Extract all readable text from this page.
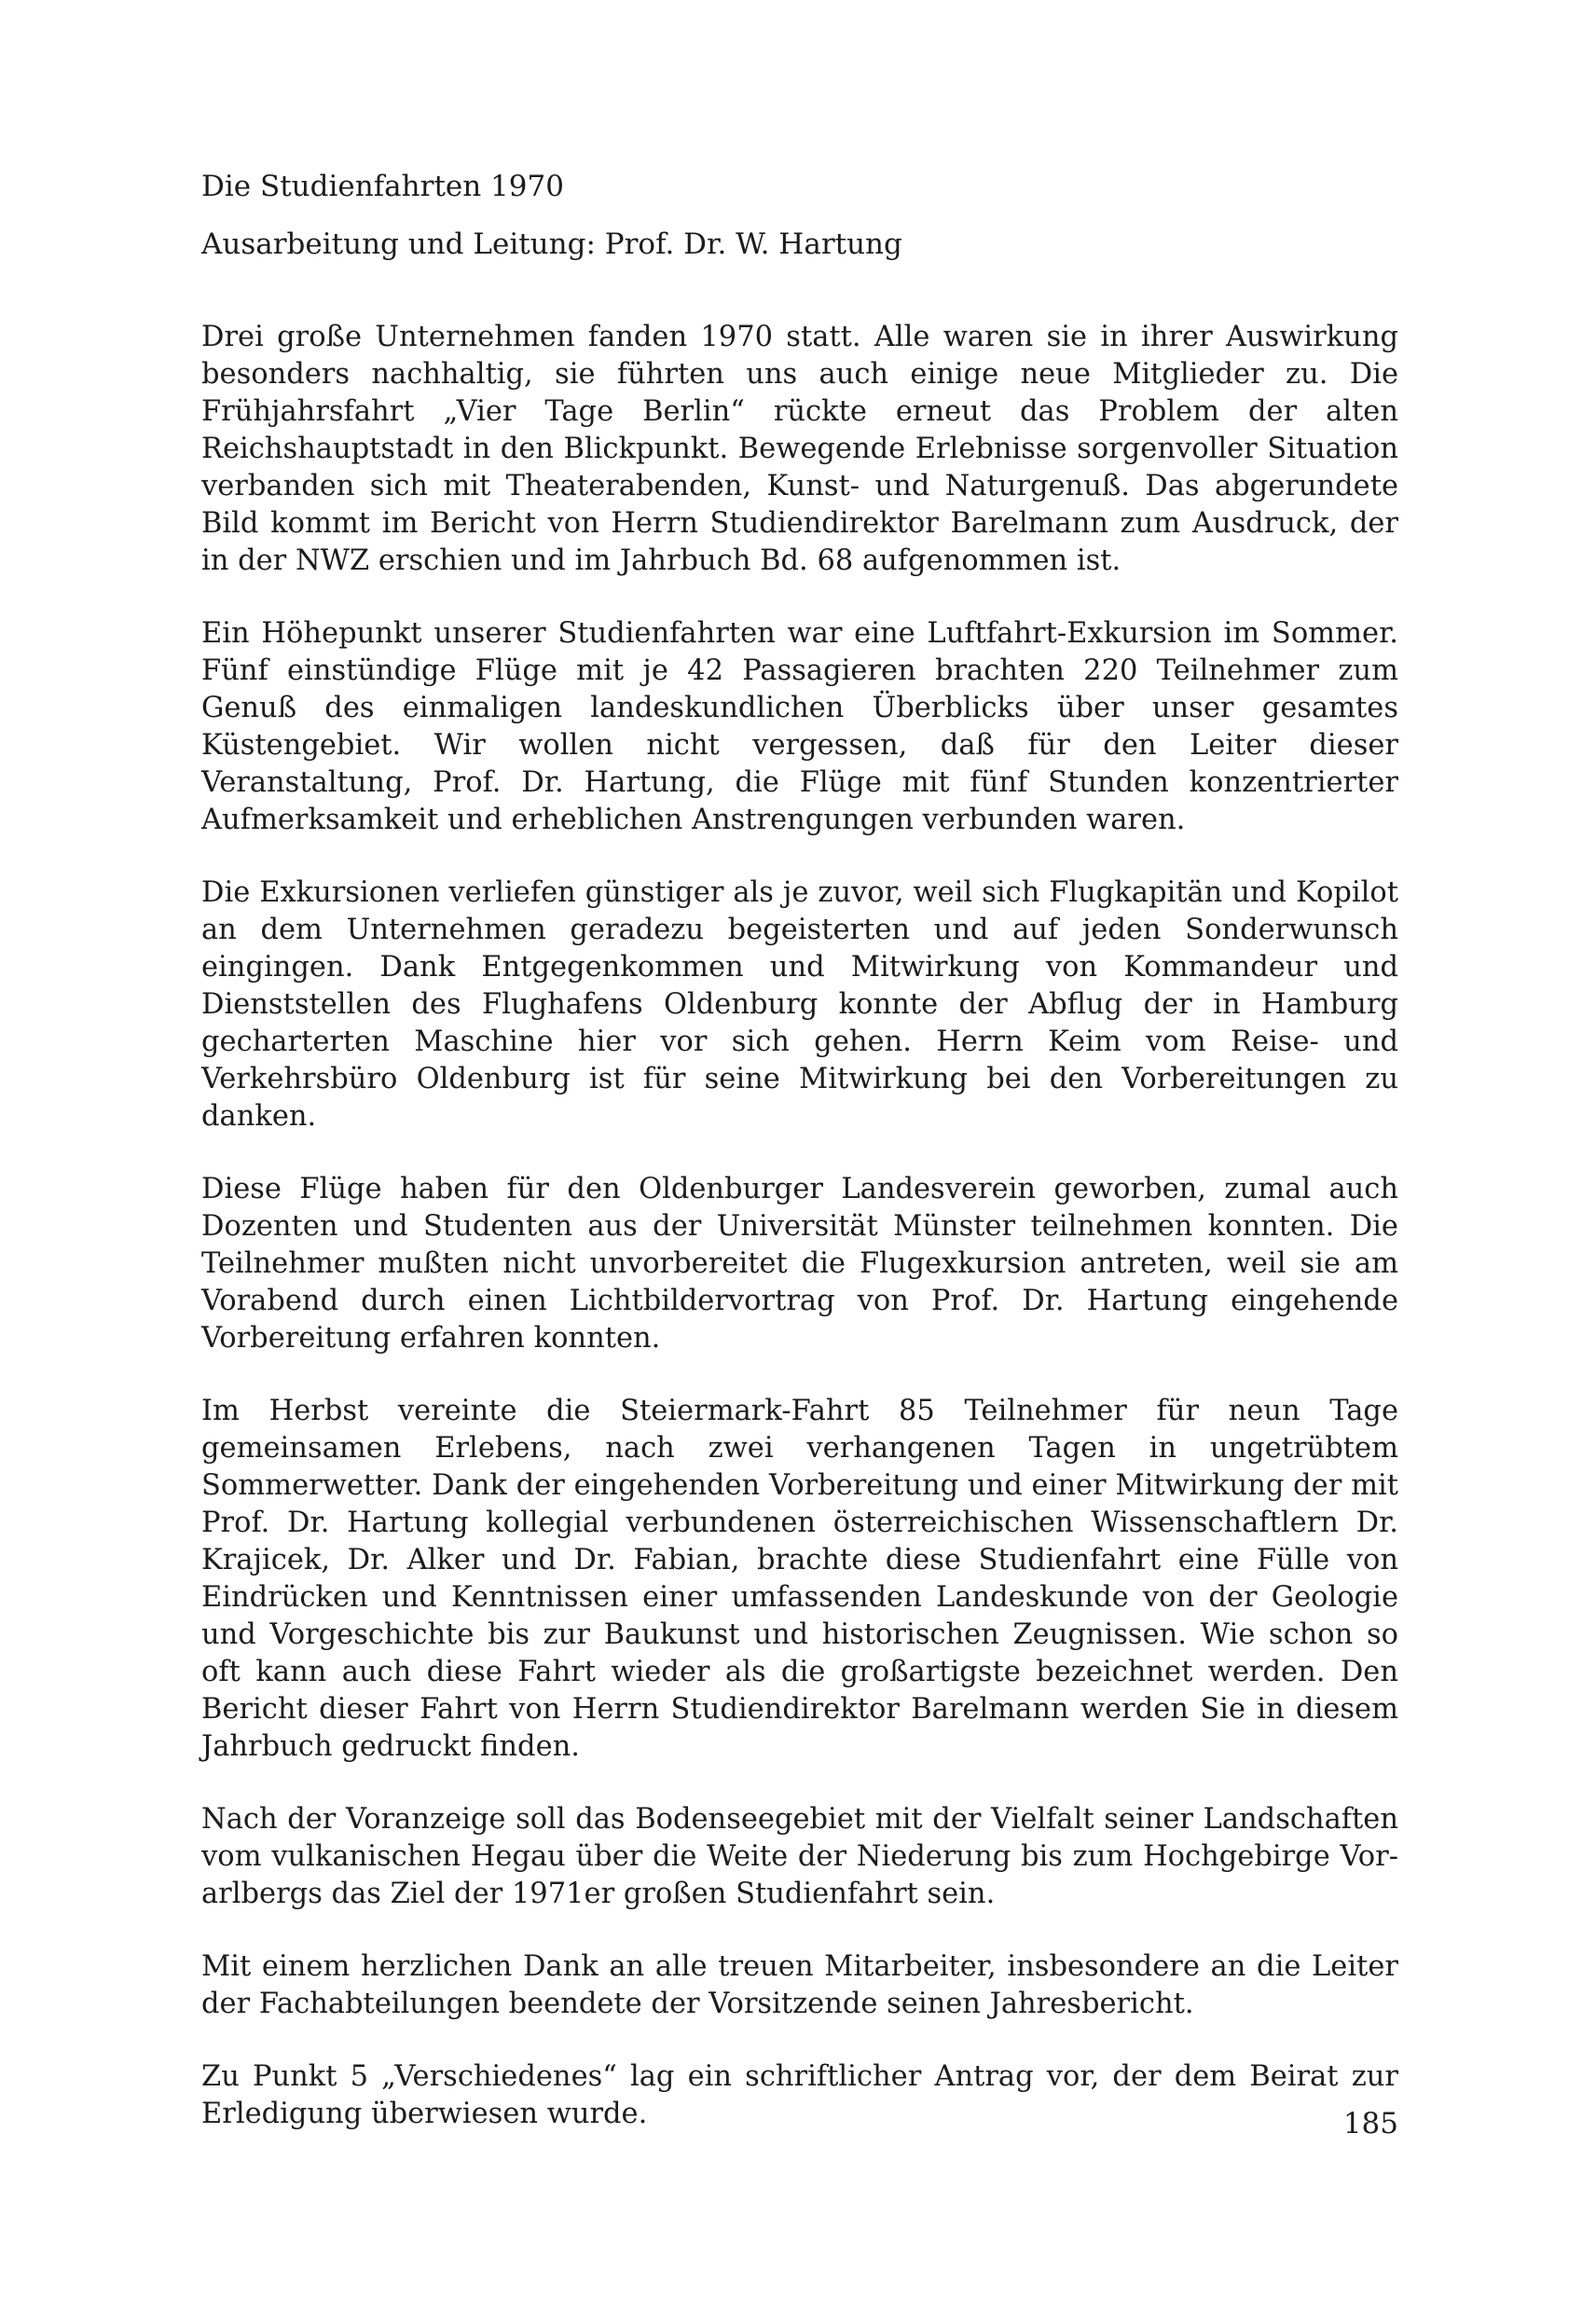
Die Studienfahrten 1970
Ausarbeitung und Leitung: Prof. Dr. W. Hartung

Drei große Unternehmen fanden 1970 statt. Alle waren sie in ihrer Auswirkung besonders nachhaltig, sie führten uns auch einige neue Mitglieder zu. Die Frühjahrsfahrt „Vier Tage Berlin“ rückte erneut das Problem der alten Reichshauptstadt in den Blickpunkt. Bewegende Erlebnisse sorgenvoller Situation verbanden sich mit Theaterabenden, Kunst- und Naturgenuß. Das abgerundete Bild kommt im Bericht von Herrn Studiendirektor Barelmann zum Ausdruck, der in der NWZ erschien und im Jahrbuch Bd. 68 aufgenommen ist.

Ein Höhepunkt unserer Studienfahrten war eine Luftfahrt-Exkursion im Sommer. Fünf einstündige Flüge mit je 42 Passagieren brachten 220 Teilnehmer zum Genuß des einmaligen landeskundlichen Überblicks über unser gesamtes Küstengebiet. Wir wollen nicht vergessen, daß für den Leiter dieser Veranstaltung, Prof. Dr. Hartung, die Flüge mit fünf Stunden konzentrierter Aufmerksamkeit und erheblichen Anstrengungen verbunden waren.

Die Exkursionen verliefen günstiger als je zuvor, weil sich Flugkapitän und Kopilot an dem Unternehmen geradezu begeisterten und auf jeden Sonderwunsch eingingen. Dank Entgegenkommen und Mitwirkung von Kommandeur und Dienststellen des Flughafens Oldenburg konnte der Abflug der in Hamburg gecharterten Maschine hier vor sich gehen. Herrn Keim vom Reise- und Verkehrsbüro Oldenburg ist für seine Mitwirkung bei den Vorbereitungen zu danken.

Diese Flüge haben für den Oldenburger Landesverein geworben, zumal auch Dozenten und Studenten aus der Universität Münster teilnehmen konnten. Die Teilnehmer mußten nicht unvorbereitet die Flugexkursion antreten, weil sie am Vorabend durch einen Lichtbildervortrag von Prof. Dr. Hartung eingehende Vorbereitung erfahren konnten.

Im Herbst vereinte die Steiermark-Fahrt 85 Teilnehmer für neun Tage gemeinsamen Erlebens, nach zwei verhangenen Tagen in ungetrübtem Sommerwetter. Dank der eingehenden Vorbereitung und einer Mitwirkung der mit Prof. Dr. Hartung kollegial verbundenen österreichischen Wissenschaftlern Dr. Krajicek, Dr. Alker und Dr. Fabian, brachte diese Studienfahrt eine Fülle von Eindrücken und Kenntnissen einer umfassenden Landeskunde von der Geologie und Vorgeschichte bis zur Baukunst und historischen Zeugnissen. Wie schon so oft kann auch diese Fahrt wieder als die großartigste bezeichnet werden. Den Bericht dieser Fahrt von Herrn Studiendirektor Barelmann werden Sie in diesem Jahrbuch gedruckt finden.

Nach der Voranzeige soll das Bodenseegebiet mit der Vielfalt seiner Landschaften vom vulkanischen Hegau über die Weite der Niederung bis zum Hochgebirge Vorarlbergs das Ziel der 1971er großen Studienfahrt sein.

Mit einem herzlichen Dank an alle treuen Mitarbeiter, insbesondere an die Leiter der Fachabteilungen beendete der Vorsitzende seinen Jahresbericht.

Zu Punkt 5 „Verschiedenes“ lag ein schriftlicher Antrag vor, der dem Beirat zur Erledigung überwiesen wurde.	185
